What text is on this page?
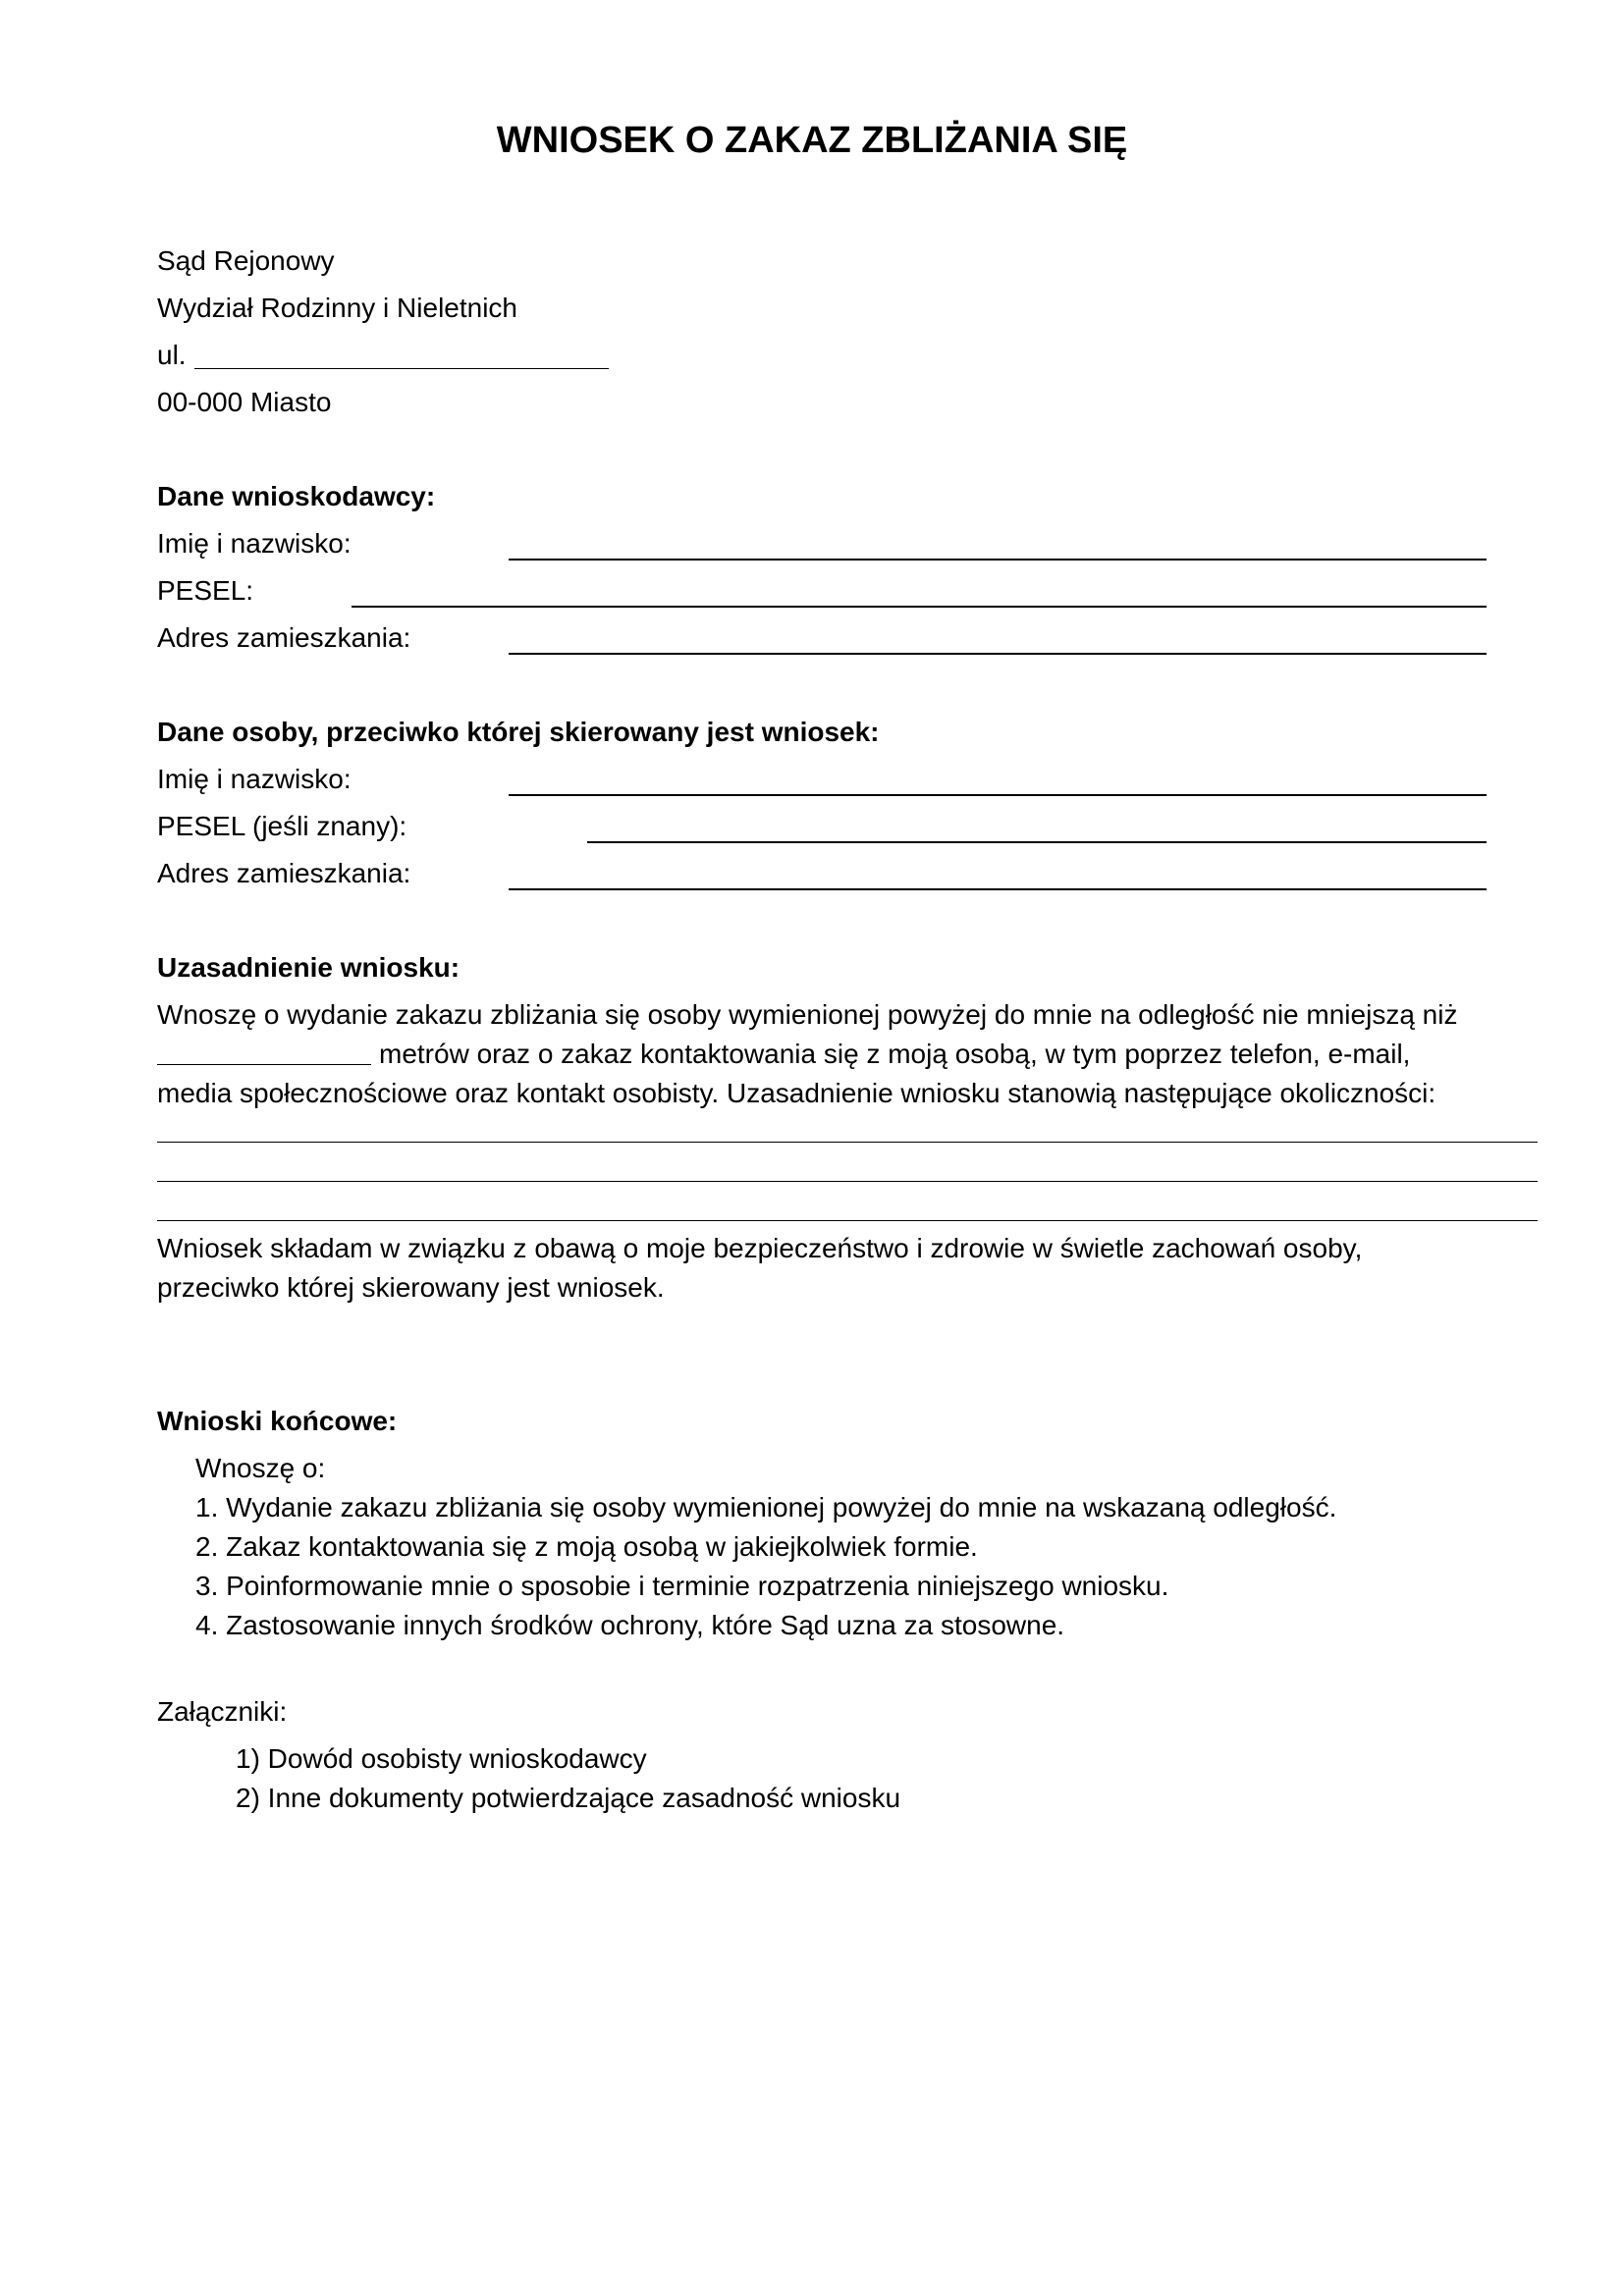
WNIOSEK O ZAKAZ ZBLIŻANIA SIĘ
Sąd Rejonowy
Wydział Rodzinny i Nieletnich
ul.
00-000 Miasto
Dane wnioskodawcy:
Imię i nazwisko:
PESEL:
Adres zamieszkania:
Dane osoby, przeciwko której skierowany jest wniosek:
Imię i nazwisko:
PESEL (jeśli znany):
Adres zamieszkania:
Uzasadnienie wniosku:
Wnoszę o wydanie zakazu zbliżania się osoby wymienionej powyżej do mnie na odległość nie mniejszą niż
metrów oraz o zakaz kontaktowania się z moją osobą, w tym poprzez telefon, e-mail,
media społecznościowe oraz kontakt osobisty. Uzasadnienie wniosku stanowią następujące okoliczności:
Wniosek składam w związku z obawą o moje bezpieczeństwo i zdrowie w świetle zachowań osoby,
przeciwko której skierowany jest wniosek.
Wnioski końcowe:
Wnoszę o:
1. Wydanie zakazu zbliżania się osoby wymienionej powyżej do mnie na wskazaną odległość.
2. Zakaz kontaktowania się z moją osobą w jakiejkolwiek formie.
3. Poinformowanie mnie o sposobie i terminie rozpatrzenia niniejszego wniosku.
4. Zastosowanie innych środków ochrony, które Sąd uzna za stosowne.
Załączniki:
1) Dowód osobisty wnioskodawcy
2) Inne dokumenty potwierdzające zasadność wniosku
